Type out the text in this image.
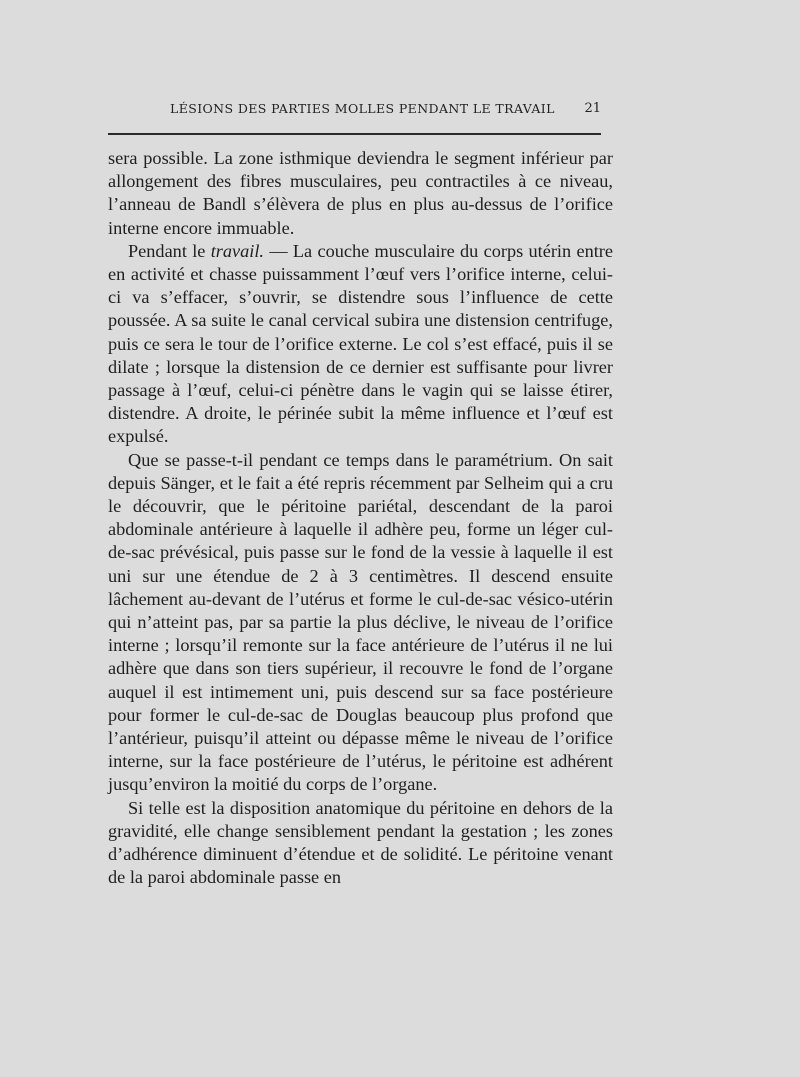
LÉSIONS DES PARTIES MOLLES PENDANT LE TRAVAIL 21

sera possible. La zone isthmique deviendra le segment inférieur par allongement des fibres musculaires, peu contractiles à ce niveau, l’anneau de Bandl s’élèvera de plus en plus au-dessus de l’orifice interne encore immuable.

Pendant le travail. — La couche musculaire du corps utérin entre en activité et chasse puissamment l’œuf vers l’orifice interne, celui-ci va s’effacer, s’ouvrir, se distendre sous l’influence de cette poussée. A sa suite le canal cervical subira une distension centrifuge, puis ce sera le tour de l’orifice externe. Le col s’est effacé, puis il se dilate ; lorsque la distension de ce dernier est suffisante pour livrer passage à l’œuf, celui-ci pénètre dans le vagin qui se laisse étirer, distendre. A droite, le périnée subit la même influence et l’œuf est expulsé.

Que se passe-t-il pendant ce temps dans le paramétrium. On sait depuis Sänger, et le fait a été repris récemment par Selheim qui a cru le découvrir, que le péritoine pariétal, descendant de la paroi abdominale antérieure à laquelle il adhère peu, forme un léger cul-de-sac prévésical, puis passe sur le fond de la vessie à laquelle il est uni sur une étendue de 2 à 3 centimètres. Il descend ensuite lâchement au-devant de l’utérus et forme le cul-de-sac vésico-utérin qui n’atteint pas, par sa partie la plus déclive, le niveau de l’orifice interne ; lorsqu’il remonte sur la face antérieure de l’utérus il ne lui adhère que dans son tiers supérieur, il recouvre le fond de l’organe auquel il est intimement uni, puis descend sur sa face postérieure pour former le cul-de-sac de Douglas beaucoup plus profond que l’antérieur, puisqu’il atteint ou dépasse même le niveau de l’orifice interne, sur la face postérieure de l’utérus, le péritoine est adhérent jusqu’environ la moitié du corps de l’organe.

Si telle est la disposition anatomique du péritoine en dehors de la gravidité, elle change sensiblement pendant la gestation ; les zones d’adhérence diminuent d’étendue et de solidité. Le péritoine venant de la paroi abdominale passe en
